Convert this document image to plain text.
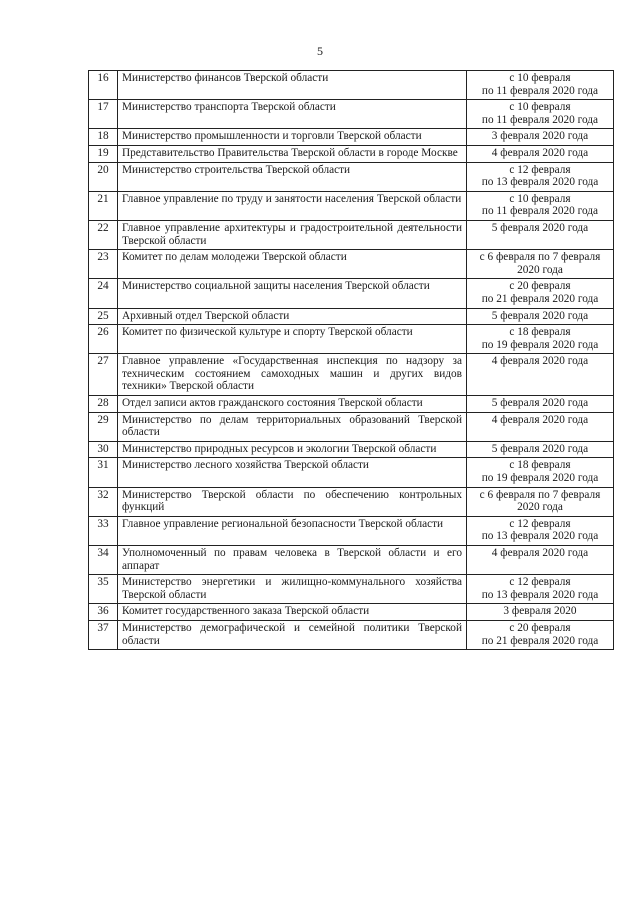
5
16	Министерство финансов Тверской области	с 10 февраля
по 11 февраля 2020 года

17	Министерство транспорта Тверской области	с 10 февраля
по 11 февраля 2020 года

18	Министерство промышленности и торговли Тверской области	3 февраля 2020 года

19	Представительство Правительства Тверской области в городе Москве	4 февраля 2020 года

20	Министерство строительства Тверской области	с 12 февраля
по 13 февраля 2020 года

21	Главное управление по труду и занятости населения Тверской области	с 10 февраля
по 11 февраля 2020 года

22	Главное управление архитектуры и градостроительной деятельности Тверской области	5 февраля 2020 года

23	Комитет по делам молодежи Тверской области	с 6 февраля по 7 февраля
2020 года

24	Министерство социальной защиты населения Тверской области	с 20 февраля
по 21 февраля 2020 года

25	Архивный отдел Тверской области	5 февраля 2020 года

26	Комитет по физической культуре и спорту Тверской области	с 18 февраля
по 19 февраля 2020 года

27	Главное управление «Государственная инспекция по надзору за техническим состоянием самоходных машин и других видов техники» Тверской области	4 февраля 2020 года

28	Отдел записи актов гражданского состояния Тверской области	5 февраля 2020 года

29	Министерство по делам территориальных образований Тверской области	4 февраля 2020 года

30	Министерство природных ресурсов и экологии Тверской области	5 февраля 2020 года

31	Министерство лесного хозяйства Тверской области	с 18 февраля
по 19 февраля 2020 года

32	Министерство Тверской области по обеспечению контрольных функций	с 6 февраля по 7 февраля
2020 года

33	Главное управление региональной безопасности Тверской области	с 12 февраля
по 13 февраля 2020 года

34	Уполномоченный по правам человека в Тверской области и его аппарат	4 февраля 2020 года

35	Министерство энергетики и жилищно-коммунального хозяйства Тверской области	с 12 февраля
по 13 февраля 2020 года

36	Комитет государственного заказа Тверской области	3 февраля 2020

37	Министерство демографической и семейной политики Тверской области	с 20 февраля
по 21 февраля 2020 года
